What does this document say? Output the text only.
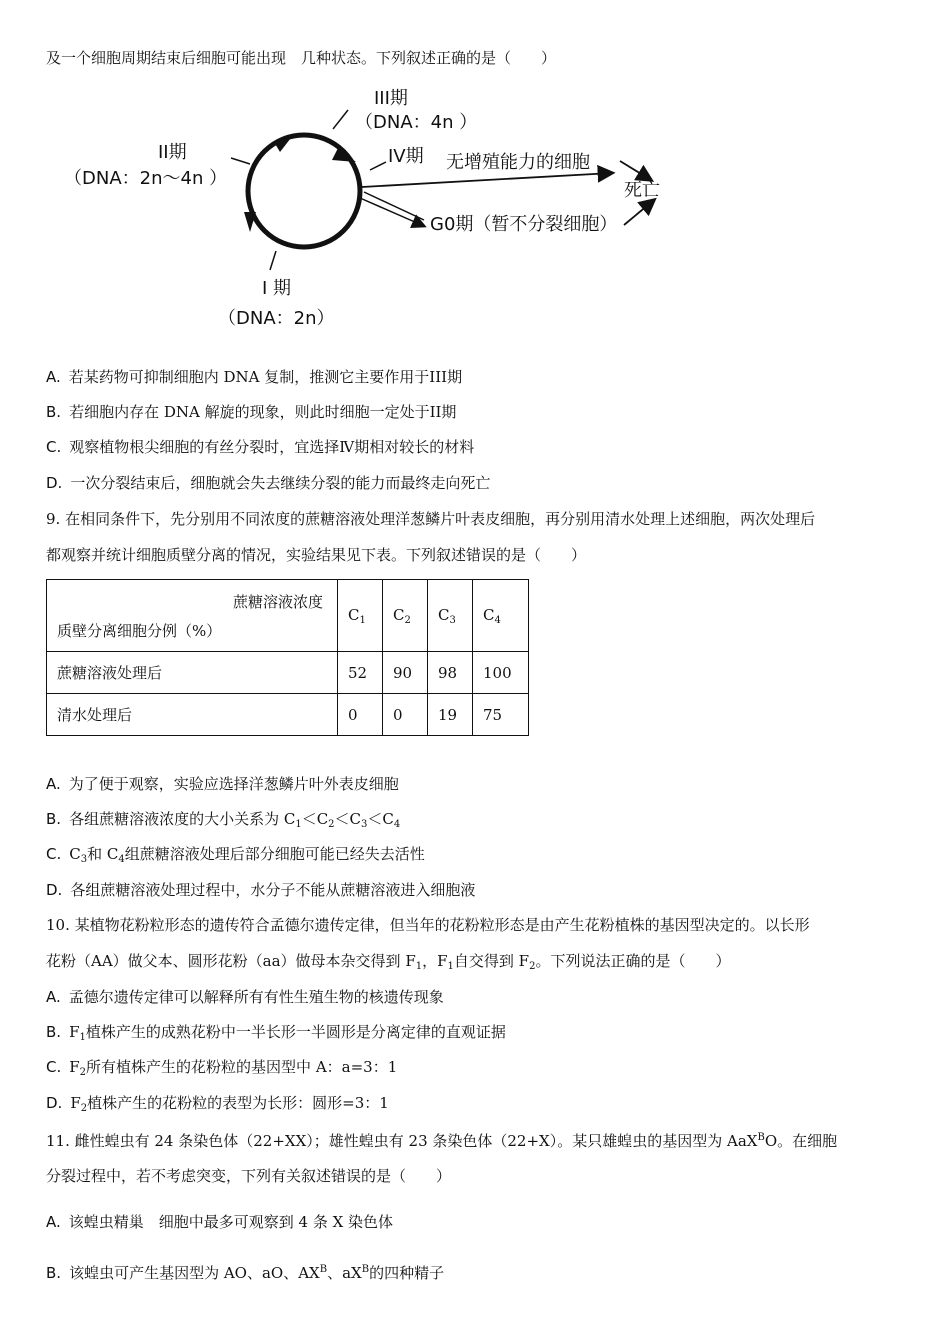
及一个细胞周期结束后细胞可能出现　几种状态。下列叙述正确的是（　　）
III期
（DNA：4n ）
II期
（DNA：2n～4n ）
IV期 无增殖能力的细胞
死亡
G0期（暂不分裂细胞）
I 期
（DNA：2n）
A. 若某药物可抑制细胞内 DNA 复制，推测它主要作用于III期
B. 若细胞内存在 DNA 解旋的现象，则此时细胞一定处于II期
C. 观察植物根尖细胞的有丝分裂时，宜选择Ⅳ期相对较长的材料
D. 一次分裂结束后，细胞就会失去继续分裂的能力而最终走向死亡
9. 在相同条件下，先分别用不同浓度的蔗糖溶液处理洋葱鳞片叶表皮细胞，再分别用清水处理上述细胞，两次处理后
都观察并统计细胞质壁分离的情况，实验结果见下表。下列叙述错误的是（　　）
蔗糖溶液浓度
质壁分离细胞分例（%）	$C_1$	$C_2$	$C_3$	$C_4$
蔗糖溶液处理后	52	90	98	100
清水处理后	0	0	19	75
A. 为了便于观察，实验应选择洋葱鳞片叶外表皮细胞
B. 各组蔗糖溶液浓度的大小关系为 $C_1<C_2<C_3<C_4$
C. $C_3$和 $C_4$组蔗糖溶液处理后部分细胞可能已经失去活性
D. 各组蔗糖溶液处理过程中，水分子不能从蔗糖溶液进入细胞液
10. 某植物花粉粒形态的遗传符合孟德尔遗传定律，但当年的花粉粒形态是由产生花粉植株的基因型决定的。以长形
花粉（AA）做父本、圆形花粉（aa）做母本杂交得到 $F_1$，$F_1$自交得到 $F_2$。下列说法正确的是（　　）
A. 孟德尔遗传定律可以解释所有有性生殖生物的核遗传现象
B. $F_1$植株产生的成熟花粉中一半长形一半圆形是分离定律的直观证据
C. $F_2$所有植株产生的花粉粒的基因型中 A：a=3：1
D. $F_2$植株产生的花粉粒的表型为长形：圆形=3：1
11. 雌性蝗虫有 24 条染色体（22+XX）；雄性蝗虫有 23 条染色体（22+X）。某只雄蝗虫的基因型为 AaX$^B$O。在细胞
分裂过程中，若不考虑突变，下列有关叙述错误的是（　　）
A. 该蝗虫精巢　细胞中最多可观察到 4 条 X 染色体
B. 该蝗虫可产生基因型为 AO、aO、$AX^B$、$aX^B$的四种精子
